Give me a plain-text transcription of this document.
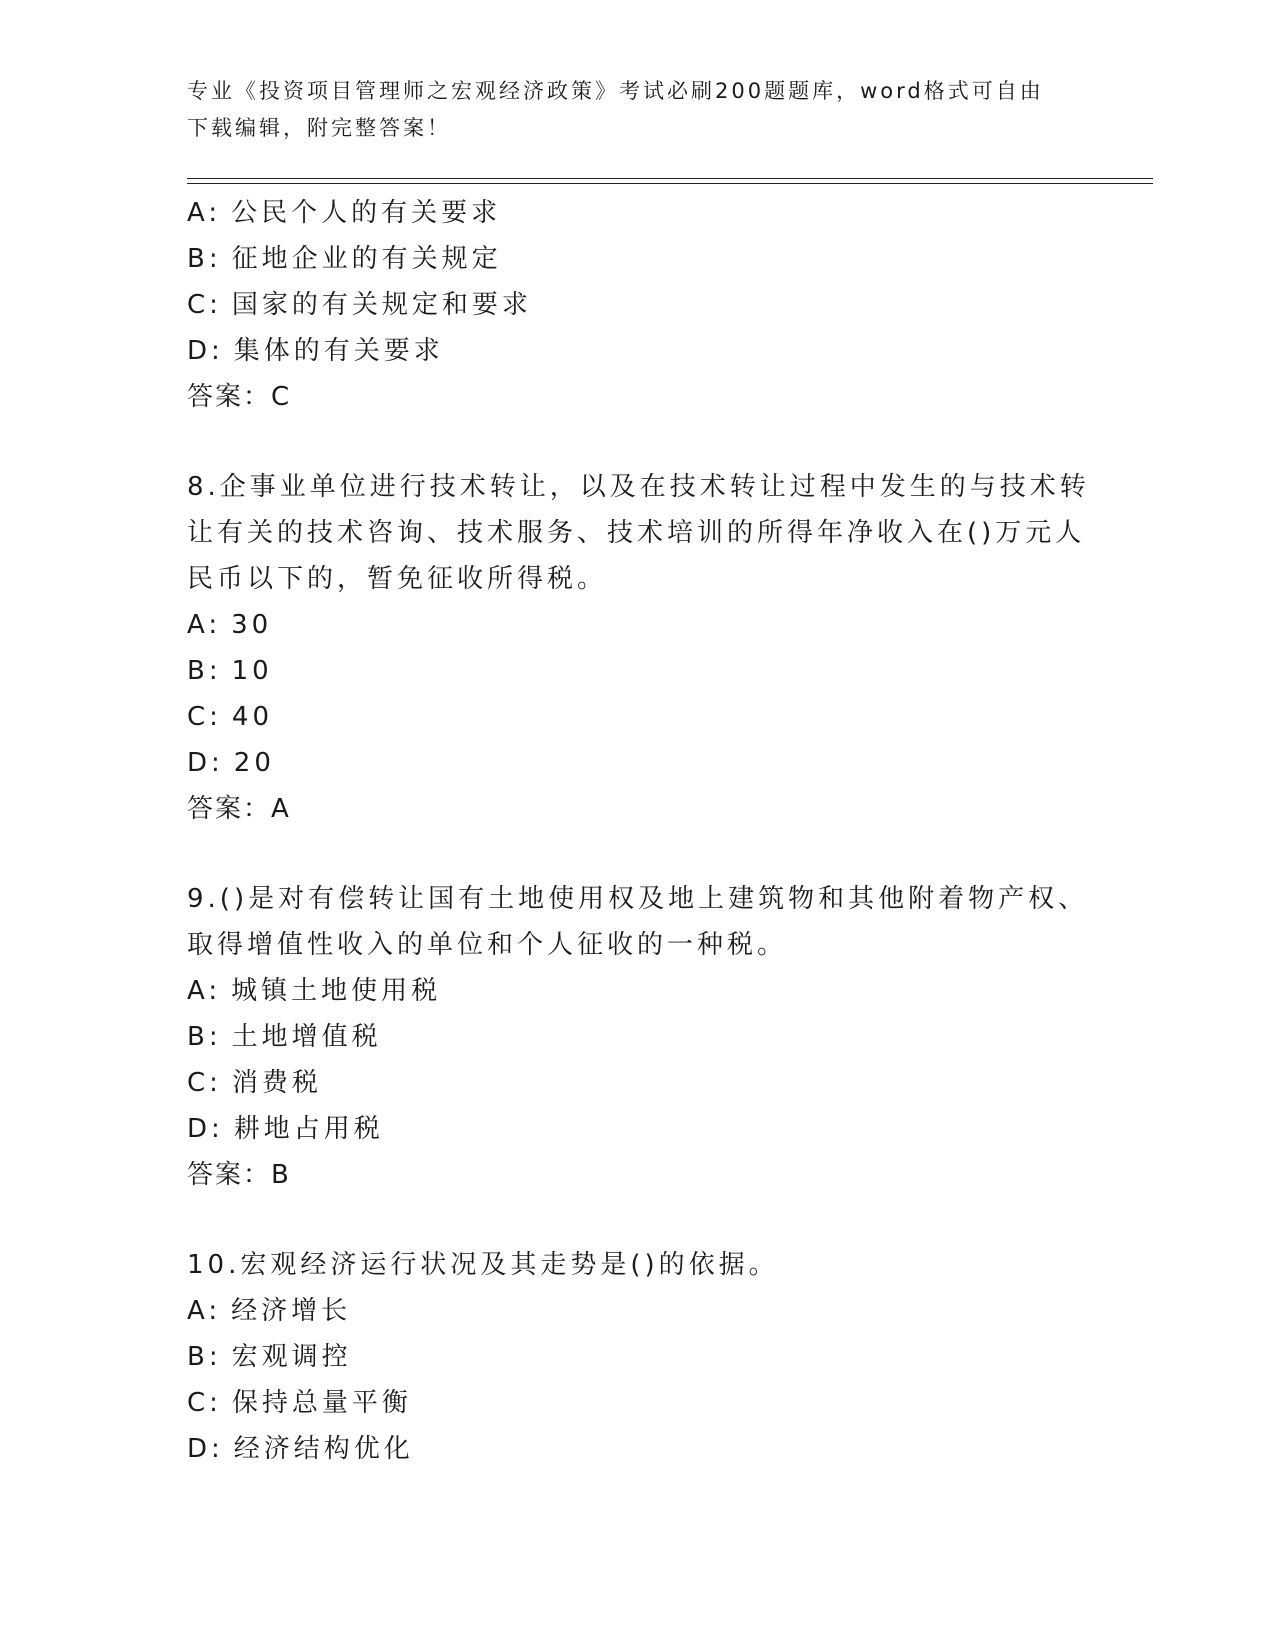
专业《投资项目管理师之宏观经济政策》考试必刷200题题库，word格式可自由
下载编辑，附完整答案！
A: 公民个人的有关要求
B: 征地企业的有关规定
C: 国家的有关规定和要求
D: 集体的有关要求
答案：C
8.企事业单位进行技术转让，以及在技术转让过程中发生的与技术转
让有关的技术咨询、技术服务、技术培训的所得年净收入在()万元人
民币以下的，暂免征收所得税。
A: 30
B: 10
C: 40
D: 20
答案：A
9.()是对有偿转让国有土地使用权及地上建筑物和其他附着物产权、
取得增值性收入的单位和个人征收的一种税。
A: 城镇土地使用税
B: 土地增值税
C: 消费税
D: 耕地占用税
答案：B
10.宏观经济运行状况及其走势是()的依据。
A: 经济增长
B: 宏观调控
C: 保持总量平衡
D: 经济结构优化
